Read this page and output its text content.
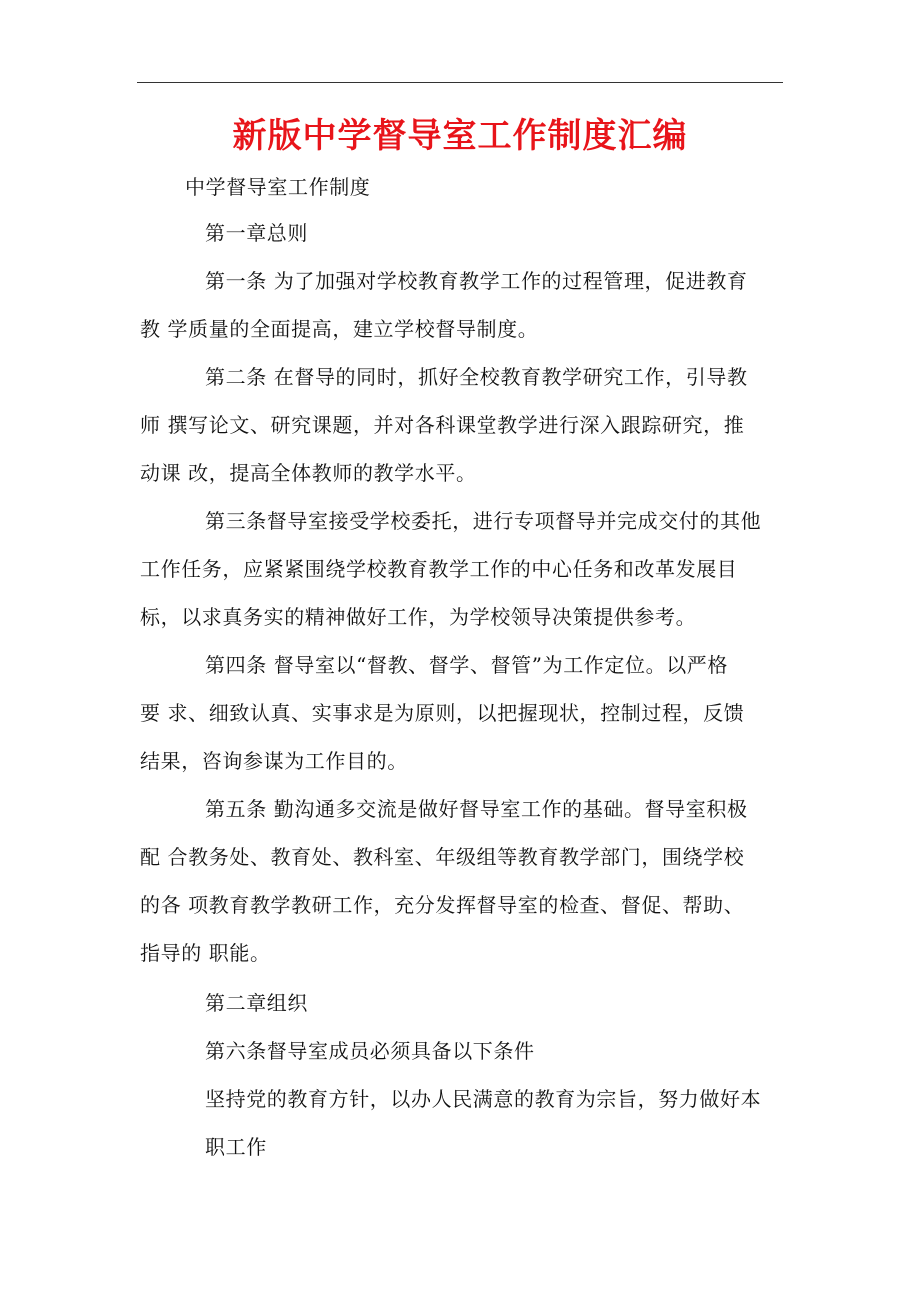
新版中学督导室工作制度汇编
中学督导室工作制度
第一章总则
第一条 为了加强对学校教育教学工作的过程管理，促进教育
教 学质量的全面提高，建立学校督导制度。
第二条 在督导的同时，抓好全校教育教学研究工作，引导教
师 撰写论文、研究课题，并对各科课堂教学进行深入跟踪研究，推
动课 改，提高全体教师的教学水平。
第三条督导室接受学校委托，进行专项督导并完成交付的其他
工作任务，应紧紧围绕学校教育教学工作的中心任务和改革发展目
标，以求真务实的精神做好工作，为学校领导决策提供参考。
第四条 督导室以“督教、督学、督管”为工作定位。以严格
要 求、细致认真、实事求是为原则，以把握现状，控制过程，反馈
结果，咨询参谋为工作目的。
第五条 勤沟通多交流是做好督导室工作的基础。督导室积极
配 合教务处、教育处、教科室、年级组等教育教学部门，围绕学校
的各 项教育教学教研工作，充分发挥督导室的检查、督促、帮助、
指导的 职能。
第二章组织
第六条督导室成员必须具备以下条件
坚持党的教育方针，以办人民满意的教育为宗旨，努力做好本
职工作
